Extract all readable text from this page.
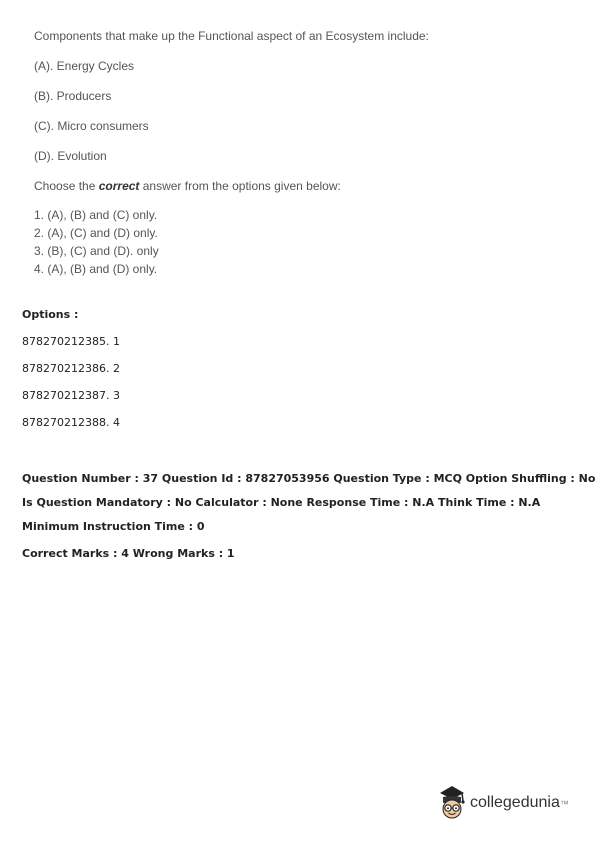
Components that make up the Functional aspect of an Ecosystem include:

(A). Energy Cycles

(B). Producers

(C). Micro consumers

(D). Evolution

Choose the correct answer from the options given below:

1. (A), (B) and (C) only.
2. (A), (C) and (D) only.
3. (B), (C) and (D). only
4. (A), (B) and (D) only.
Options :
878270212385. 1
878270212386. 2
878270212387. 3
878270212388. 4
Question Number : 37 Question Id : 87827053956 Question Type : MCQ Option Shuffling : No
Is Question Mandatory : No Calculator : None Response Time : N.A Think Time : N.A
Minimum Instruction Time : 0
Correct Marks : 4 Wrong Marks : 1
collegedunia™
